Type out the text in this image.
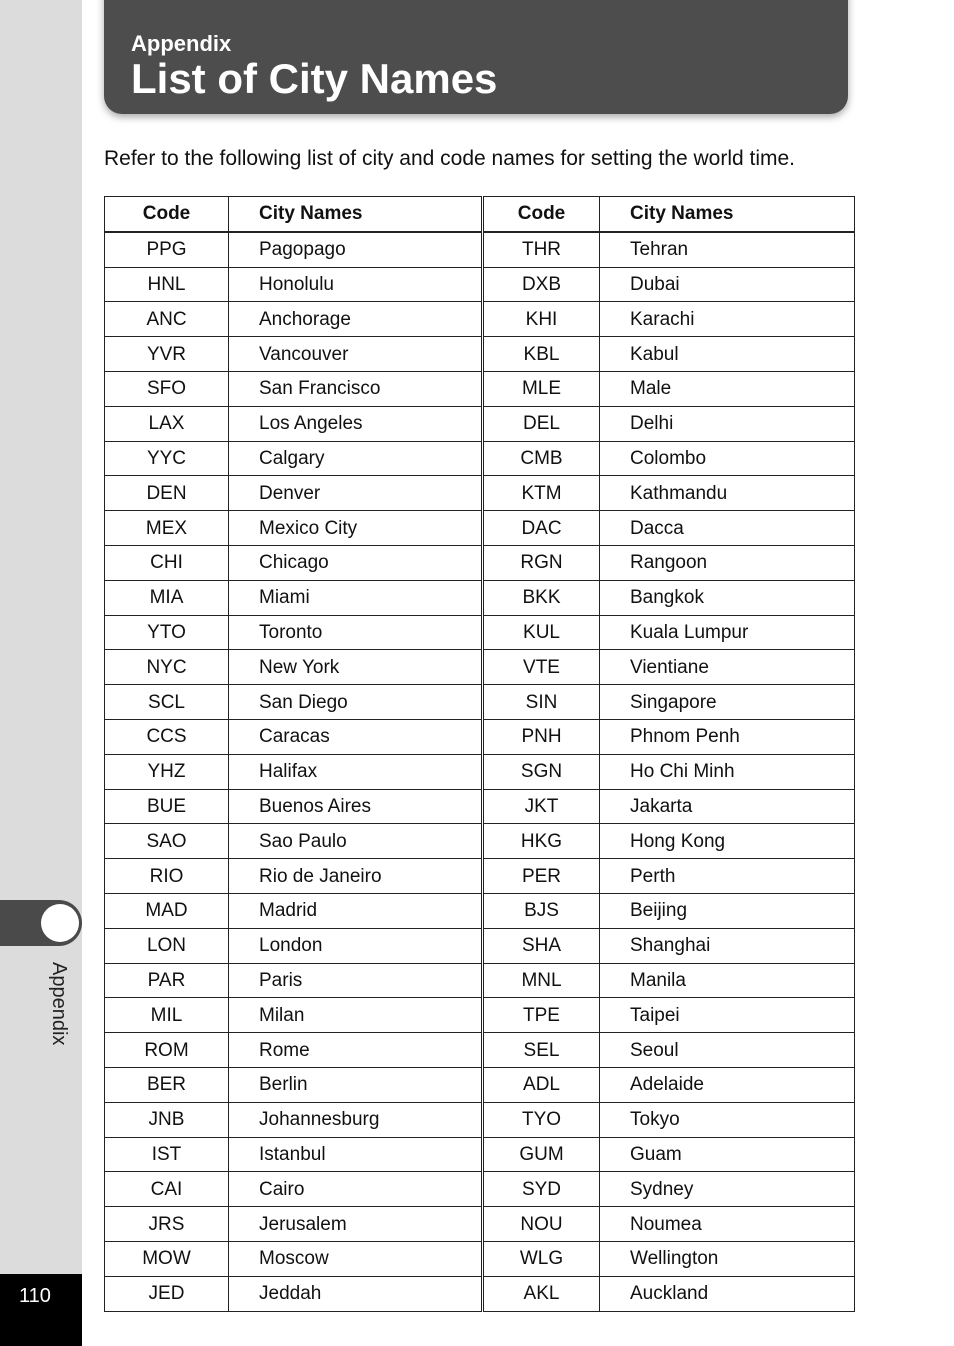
Appendix
110
Appendix
List of City Names
Refer to the following list of city and code names for setting the world time.
Code	City Names	Code	City Names
PPG	Pagopago	THR	Tehran
HNL	Honolulu	DXB	Dubai
ANC	Anchorage	KHI	Karachi
YVR	Vancouver	KBL	Kabul
SFO	San Francisco	MLE	Male
LAX	Los Angeles	DEL	Delhi
YYC	Calgary	CMB	Colombo
DEN	Denver	KTM	Kathmandu
MEX	Mexico City	DAC	Dacca
CHI	Chicago	RGN	Rangoon
MIA	Miami	BKK	Bangkok
YTO	Toronto	KUL	Kuala Lumpur
NYC	New York	VTE	Vientiane
SCL	San Diego	SIN	Singapore
CCS	Caracas	PNH	Phnom Penh
YHZ	Halifax	SGN	Ho Chi Minh
BUE	Buenos Aires	JKT	Jakarta
SAO	Sao Paulo	HKG	Hong Kong
RIO	Rio de Janeiro	PER	Perth
MAD	Madrid	BJS	Beijing
LON	London	SHA	Shanghai
PAR	Paris	MNL	Manila
MIL	Milan	TPE	Taipei
ROM	Rome	SEL	Seoul
BER	Berlin	ADL	Adelaide
JNB	Johannesburg	TYO	Tokyo
IST	Istanbul	GUM	Guam
CAI	Cairo	SYD	Sydney
JRS	Jerusalem	NOU	Noumea
MOW	Moscow	WLG	Wellington
JED	Jeddah	AKL	Auckland
